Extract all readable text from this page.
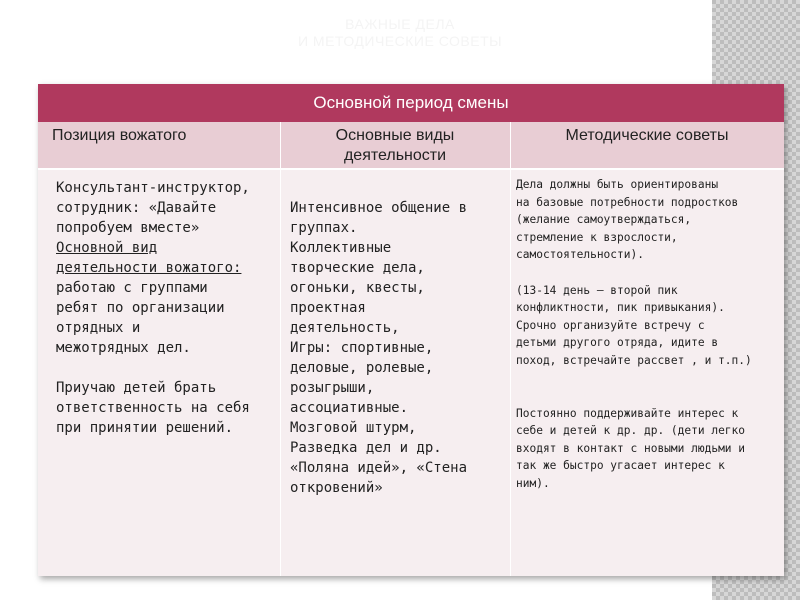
ВАЖНЫЕ ДЕЛА
И МЕТОДИЧЕСКИЕ СОВЕТЫ
Основной период смены
Позиция вожатого	Основные виды
деятельности
Методические советы
Консультант-инструктор,
сотрудник: «Давайте
попробуем вместе»
Основной вид
деятельности вожатого:
работаю с группами
ребят по организации
отрядных и
межотрядных дел.
Приучаю детей брать
ответственность на себя
при принятии решений.
Интенсивное общение в
группах.
Коллективные
творческие дела,
огоньки, квесты,
проектная
деятельность,
Игры: спортивные,
деловые, ролевые,
розыгрыши,
ассоциативные.
Мозговой штурм,
Разведка дел и др.
«Поляна идей», «Стена
откровений»
Дела должны быть ориентированы
на базовые потребности подростков
(желание самоутверждаться,
стремление к взрослости,
самостоятельности).
(13-14 день – второй пик
конфликтности, пик привыкания).
Срочно организуйте встречу с
детьми другого отряда, идите в
поход, встречайте рассвет , и т.п.)
Постоянно поддерживайте интерес к
себе и детей к др. др. (дети легко
входят в контакт с новыми людьми и
так же быстро угасает интерес к
ним).
